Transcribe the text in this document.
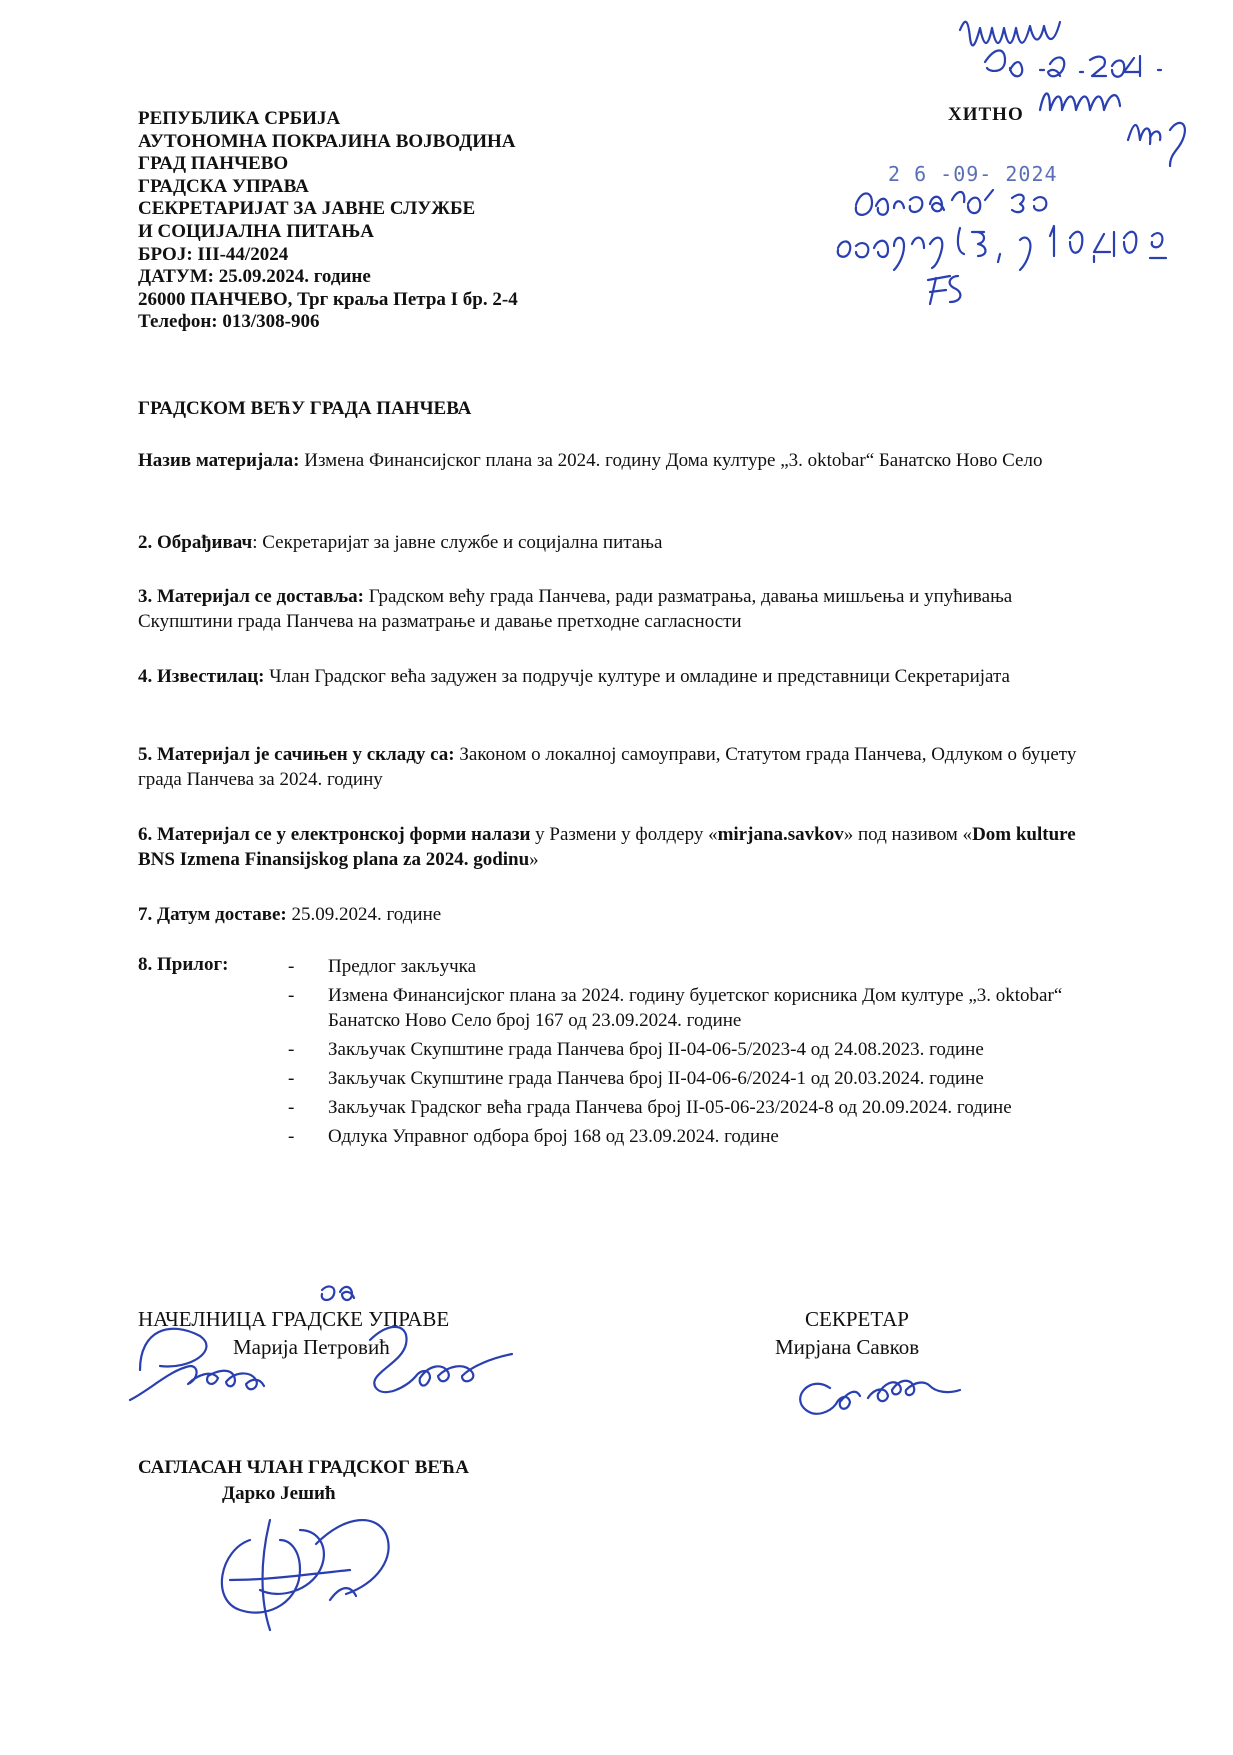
РЕПУБЛИКА СРБИЈА
АУТОНОМНА ПОКРАЈИНА ВОЈВОДИНА
ГРАД ПАНЧЕВО
ГРАДСКА УПРАВА
СЕКРЕТАРИЈАТ ЗА ЈАВНЕ СЛУЖБЕ
И СОЦИЈАЛНА ПИТАЊА
БРОЈ: III-44/2024
ДАТУМ: 25.09.2024. године
26000 ПАНЧЕВО, Трг краља Петра I бр. 2-4
Телефон: 013/308-906
ХИТНО
2 6 -09- 2024
ГРАДСКОМ ВЕЋУ ГРАДА ПАНЧЕВА
Назив материјала: Измена Финансијског плана за 2024. годину Дома културе „3. oktobar“ Банатско Ново Село
2. Обрађивач: Секретаријат за јавне службе и социјална питања
3. Материјал се доставља: Градском већу града Панчева, ради разматрања, давања мишљења и упућивања Скупштини града Панчева на разматрање и давање претходне сагласности
4. Известилац: Члан Градског већа задужен за подручје културе и омладине и представници Секретаријата
5. Материјал је сачињен у складу са: Законом о локалној самоуправи, Статутом града Панчева, Одлуком о буџету града Панчева за 2024. годину
6. Материјал се у електронској форми налази у Размени у фолдеру «mirjana.savkov» под називом «Dom kulture BNS Izmena Finansijskog plana za 2024. godinu»
7. Датум доставе: 25.09.2024. године
8. Прилог:	- Предлог закључка
- Измена Финансијског плана за 2024. годину буџетског корисника Дом културе „3. oktobar“ Банатско Ново Село број 167 од 23.09.2024. године
- Закључак Скупштине града Панчева број II-04-06-5/2023-4 од 24.08.2023. године
- Закључак Скупштине града Панчева број II-04-06-6/2024-1 од 20.03.2024. године
- Закључак Градског већа града Панчева број II-05-06-23/2024-8 од 20.09.2024. године
- Одлука Управног одбора број 168 од 23.09.2024. године
НАЧЕЛНИЦА ГРАДСКЕ УПРАВЕ
Марија Петровић
СЕКРЕТАР
Мирјана Савков
САГЛАСАН ЧЛАН ГРАДСКОГ ВЕЋА
Дарко Јешић
